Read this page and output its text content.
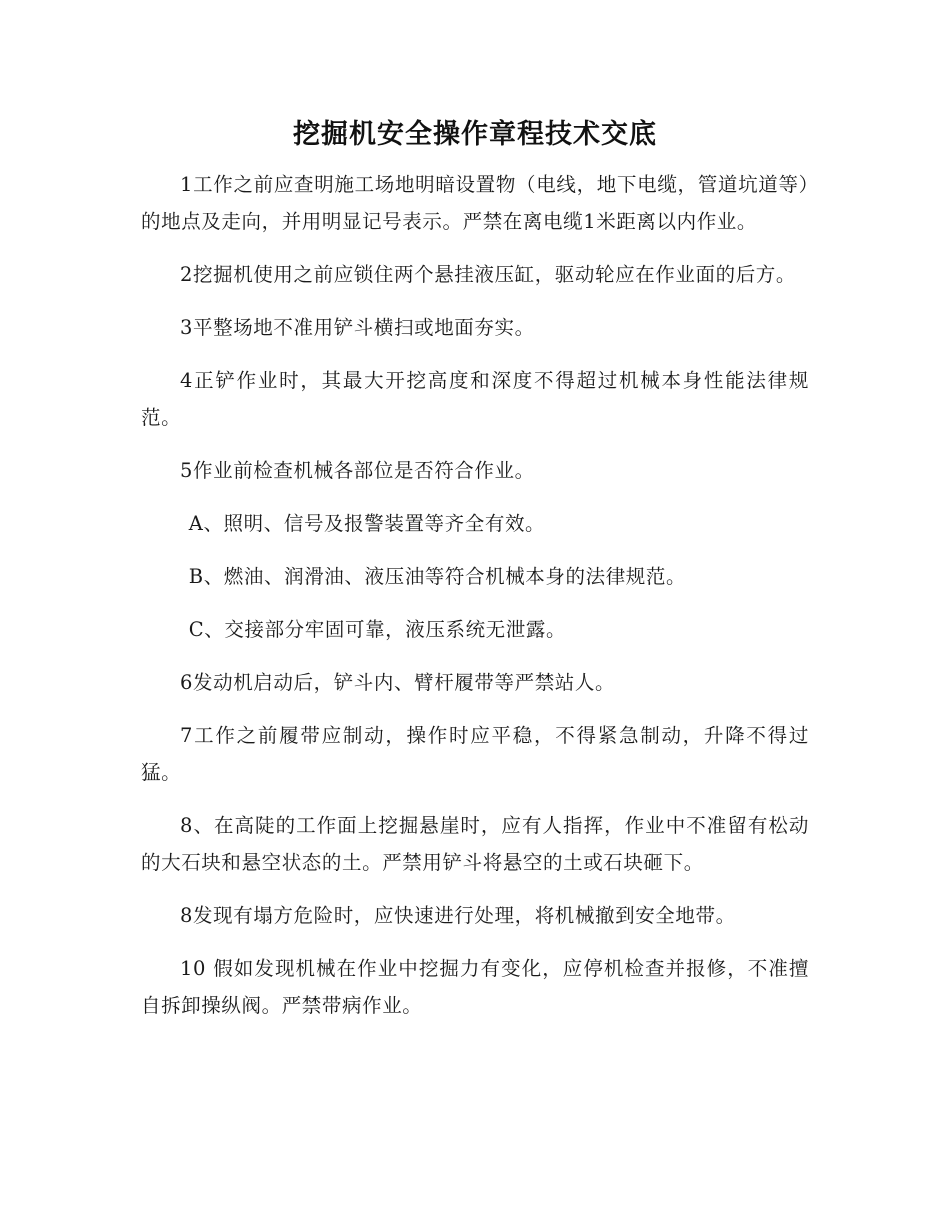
挖掘机安全操作章程技术交底

1工作之前应查明施工场地明暗设置物（电线，地下电缆，管道坑道等）的地点及走向，并用明显记号表示。严禁在离电缆1米距离以内作业。

2挖掘机使用之前应锁住两个悬挂液压缸，驱动轮应在作业面的后方。

3平整场地不准用铲斗横扫或地面夯实。

4正铲作业时，其最大开挖高度和深度不得超过机械本身性能法律规范。

5作业前检查机械各部位是否符合作业。

A、照明、信号及报警装置等齐全有效。

B、燃油、润滑油、液压油等符合机械本身的法律规范。

C、交接部分牢固可靠，液压系统无泄露。

6发动机启动后，铲斗内、臂杆履带等严禁站人。

7工作之前履带应制动，操作时应平稳，不得紧急制动，升降不得过猛。

8、在高陡的工作面上挖掘悬崖时，应有人指挥，作业中不准留有松动的大石块和悬空状态的土。严禁用铲斗将悬空的土或石块砸下。

8发现有塌方危险时，应快速进行处理，将机械撤到安全地带。

10 假如发现机械在作业中挖掘力有变化，应停机检查并报修，不准擅自拆卸操纵阀。严禁带病作业。
